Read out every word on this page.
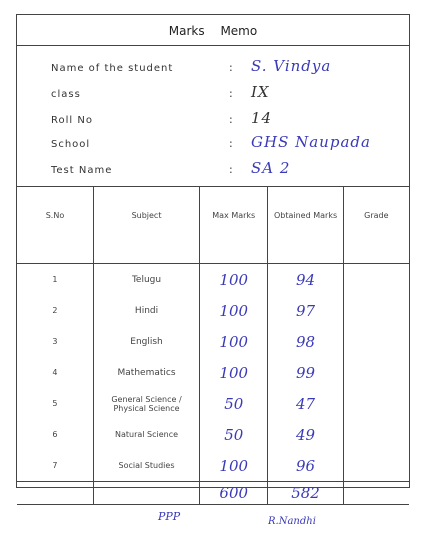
Marks Memo
Name of the student	: S. Vindya
class	: IX
Roll No	: 14
School	: GHS Naupada
Test Name	: SA 2
S.No	Subject	Max Marks	Obtained Marks	Grade
1	Telugu	100	94	
2	Hindi	100	97	
3	English	100	98	
4	Mathematics	100	99	
5	General Science / Physical Science	50	47	
6	Natural Science	50	49	
7	Social Studies	100	96	
		600	582	
PPP	R.Nandhi
